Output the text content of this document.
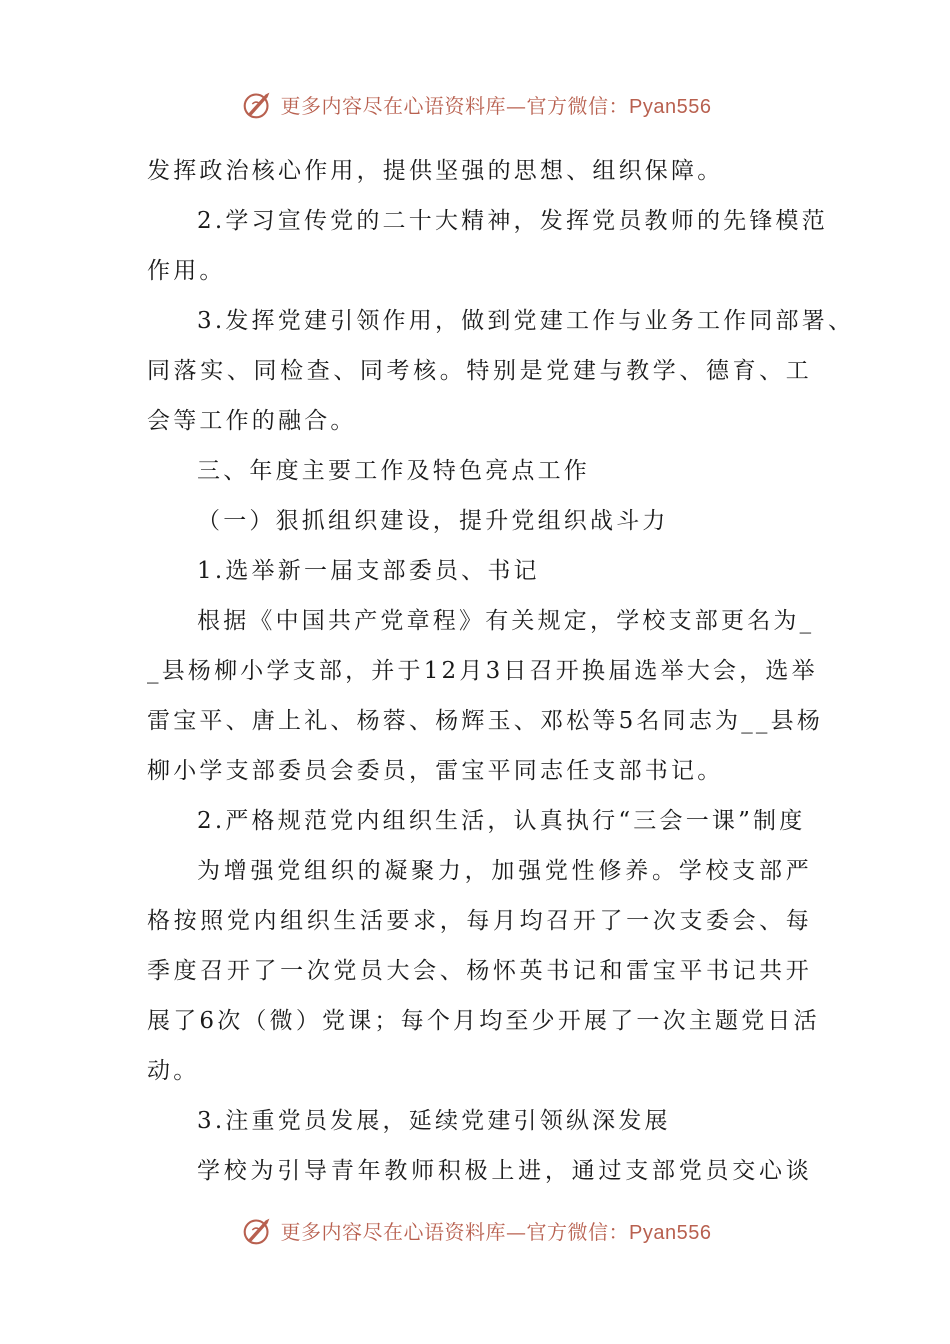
更多内容尽在心语资料库—官方微信：Pyan556
发挥政治核心作用，提供坚强的思想、组织保障。
2.学习宣传党的二十大精神，发挥党员教师的先锋模范
作用。
3.发挥党建引领作用，做到党建工作与业务工作同部署、
同落实、同检查、同考核。特别是党建与教学、德育、工
会等工作的融合。
三、年度主要工作及特色亮点工作
（一）狠抓组织建设，提升党组织战斗力
1.选举新一届支部委员、书记
根据《中国共产党章程》有关规定，学校支部更名为_
_县杨柳小学支部，并于12月3日召开换届选举大会，选举
雷宝平、唐上礼、杨蓉、杨辉玉、邓松等5名同志为__县杨
柳小学支部委员会委员，雷宝平同志任支部书记。
2.严格规范党内组织生活，认真执行“三会一课”制度
为增强党组织的凝聚力，加强党性修养。学校支部严
格按照党内组织生活要求，每月均召开了一次支委会、每
季度召开了一次党员大会、杨怀英书记和雷宝平书记共开
展了6次（微）党课；每个月均至少开展了一次主题党日活
动。
3.注重党员发展，延续党建引领纵深发展
学校为引导青年教师积极上进，通过支部党员交心谈
更多内容尽在心语资料库—官方微信：Pyan556
